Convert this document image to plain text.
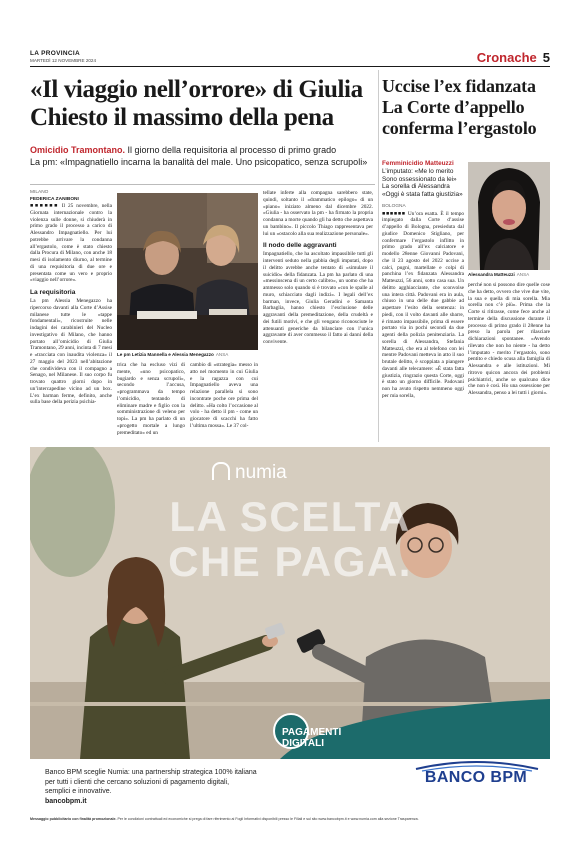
LA PROVINCIA
MARTEDÌ 12 NOVEMBRE 2024	Cronache 5
«Il viaggio nell’orrore» di Giulia
Chiesto il massimo della pena
Omicidio Tramontano. Il giorno della requisitoria al processo di primo grado
La pm: «Impagnatiello incarna la banalità del male. Uno psicopatico, senza scrupoli»
MILANO
FEDERICA ZANIBONI

■■■■■■ Il 25 novembre, nella Giornata internazionale contro la violenza sulle donne, si chiuderà in primo grado il processo a carico di Alessandro Impagnatiello. Per lui potrebbe arrivare la condanna all’ergastolo, come è stato chiesto dalla Procura di Milano, con anche 18 mesi di isolamento diurno, al termine di una requisitoria di due ore e presentata come un vero e proprio «viaggio nell’orrore».

La requisitoria

La pm Alessia Menegazzo ha ripercorso davanti alla Corte d’Assise milanese tutte le «tappe fondamentali», ricostruite nelle indagini dei carabinieri del Nucleo investigativo di Milano, che hanno portato all’omicidio di Giulia Tramontano, 29 anni, incinta di 7 mesi e «tracciata con inaudita violenza» il 27 maggio del 2023 nell’abitazione che condivideva con il compagno a Senago, nel Milanese. Il suo corpo fu trovato quattro giorni dopo in un’intercapedine vicino ad un box. L’ex barman ferme, definito, anche sulla base della perizia psichia-

Le pm Letizia Mannella e Alessia Menegazzo ANSA

trica che ha escluso vizi di mente, «uno psicopatico, bugiardo e senza scrupoli», secondo l’accusa, «programmava da tempo l’omicidio, tentando di eliminare madre e figlio con la somministrazione di veleno per topi». La pm ha parlato di un «progetto mortale a lungo premeditato» ed un

cambio di «strategia» messo in atto nel momento in cui Giulia e la ragazza con cui Impagnatiello aveva una relazione parallela si sono incontrate poche ore prima del delitto. «Ha colto l’occasione al volo - ha detto il pm - come un giocatore di scacchi ha fatto l’ultima mossa». Le 37 col-

tellate inferte alla compagna sarebbero state, quindi, soltanto il «drammatico epilogo» di un «piano» iniziato almeno dal dicembre 2022. «Giulia - ha osservato la pm - ha firmato la propria condanna a morte quando gli ha detto che aspettava un bambino». Il piccolo Thiago rappresentava per lui un «ostacolo alla sua realizzazione personale».

Il nodo delle aggravanti

Impagnatiello, che ha ascoltato impassibile tutti gli interventi seduto nella gabbia degli imputati, dopo il delitto avrebbe anche tentato di «simulare il suicidio» della fidanzata. La pm ha parlato di una «messinscena di un certo calibro», un uomo che ha ammesso solo quando si è trovato «con le spalle al muro, schiacciato dagli indizi». I legali dell’ex barman, invece, Giulia Geradini e Samanta Barbaglia, hanno chiesto l’esclusione delle aggravanti della premeditazione, della crudeltà e dei futili motivi, e che gli vengano riconosciute le attenuanti generiche da bilanciare con l’unica aggravante di aver commesso il fatto ai danni della convivente.

Uccise l’ex fidanzata
La Corte d’appello
conferma l’ergastolo
Femminicidio Matteuzzi
L’imputato: «Me lo merito
Sono ossessionato da lei»
La sorella di Alessandra
«Oggi è stata fatta giustizia»
Alessandra Matteuzzi ANSA
BOLOGNA

■■■■■■ Un’ora esatta. È il tempo impiegato dalla Corte d’assise d’appello di Bologna, presieduta dal giudice Domenico Stigliano, per confermare l’ergastolo inflitto in primo grado all’ex calciatore e modello 28enne Giovanni Padovani, che il 23 agosto del 2022 uccise a calci, pugni, martellate e colpi di panchina l’ex fidanzata Alessandra Matteuzzi, 56 anni, sotto casa sua. Un delitto agghiacciante, che sconvolse una intera città. Padovani era in aula, chiuso in una delle due gabbie ad aspettare l’esito della sentenza: in piedi, con il volto davanti alle sbarre, è rimasto impassibile, prima di essere portato via in pochi secondi da due agenti della polizia penitenziaria. La sorella di Alessandra, Stefania Matteuzzi, che era al telefono con lei mentre Padovani metteva in atto il suo brutale delitto, è scoppiata a piangere davanti alle telecamere: «È stata fatta giustizia, ringrazio questa Corte, oggi è stato un giorno difficile. Padovani non ha avuto rispetto nemmeno oggi per mia sorella,

perché non si possono dire quelle cose che ha detto, ovvero che vive due vite, la sua e quella di mia sorella. Mia sorella non c’è più». Prima che la Corte si ritirasse, come fece anche al termine della discussione durante il processo di primo grado il 28enne ha preso la parola per rilasciare dichiarazioni spontanee. «Avendo rilevato che non ho niente - ha detto l’imputato - merito l’ergastolo, sono pentito e chiedo scusa alla famiglia di Alessandra e alle istituzioni. Mi ritrovo quicon ancora dei problemi psichiatrici, anche se qualcuno dice che non è così. Ho una ossessione per Alessandra, penso a lei tutti i giorni».

numia
LA SCELTA
CHE PAGA.
PAGAMENTI
DIGITALI
Banco BPM sceglie Numia: una partnership strategica 100% italiana
per tutti i clienti che cercano soluzioni di pagamento digitali,
semplici e innovative.
bancobpm.it
BANCO BPM
Messaggio pubblicitario con finalità promozionale. Per le condizioni contrattuali ed economiche si prega di fare riferimento ai Fogli Informativi disponibili presso le Filiali e sul sito www.bancobpm.it e www.numia.com alla sezione Trasparenza.
